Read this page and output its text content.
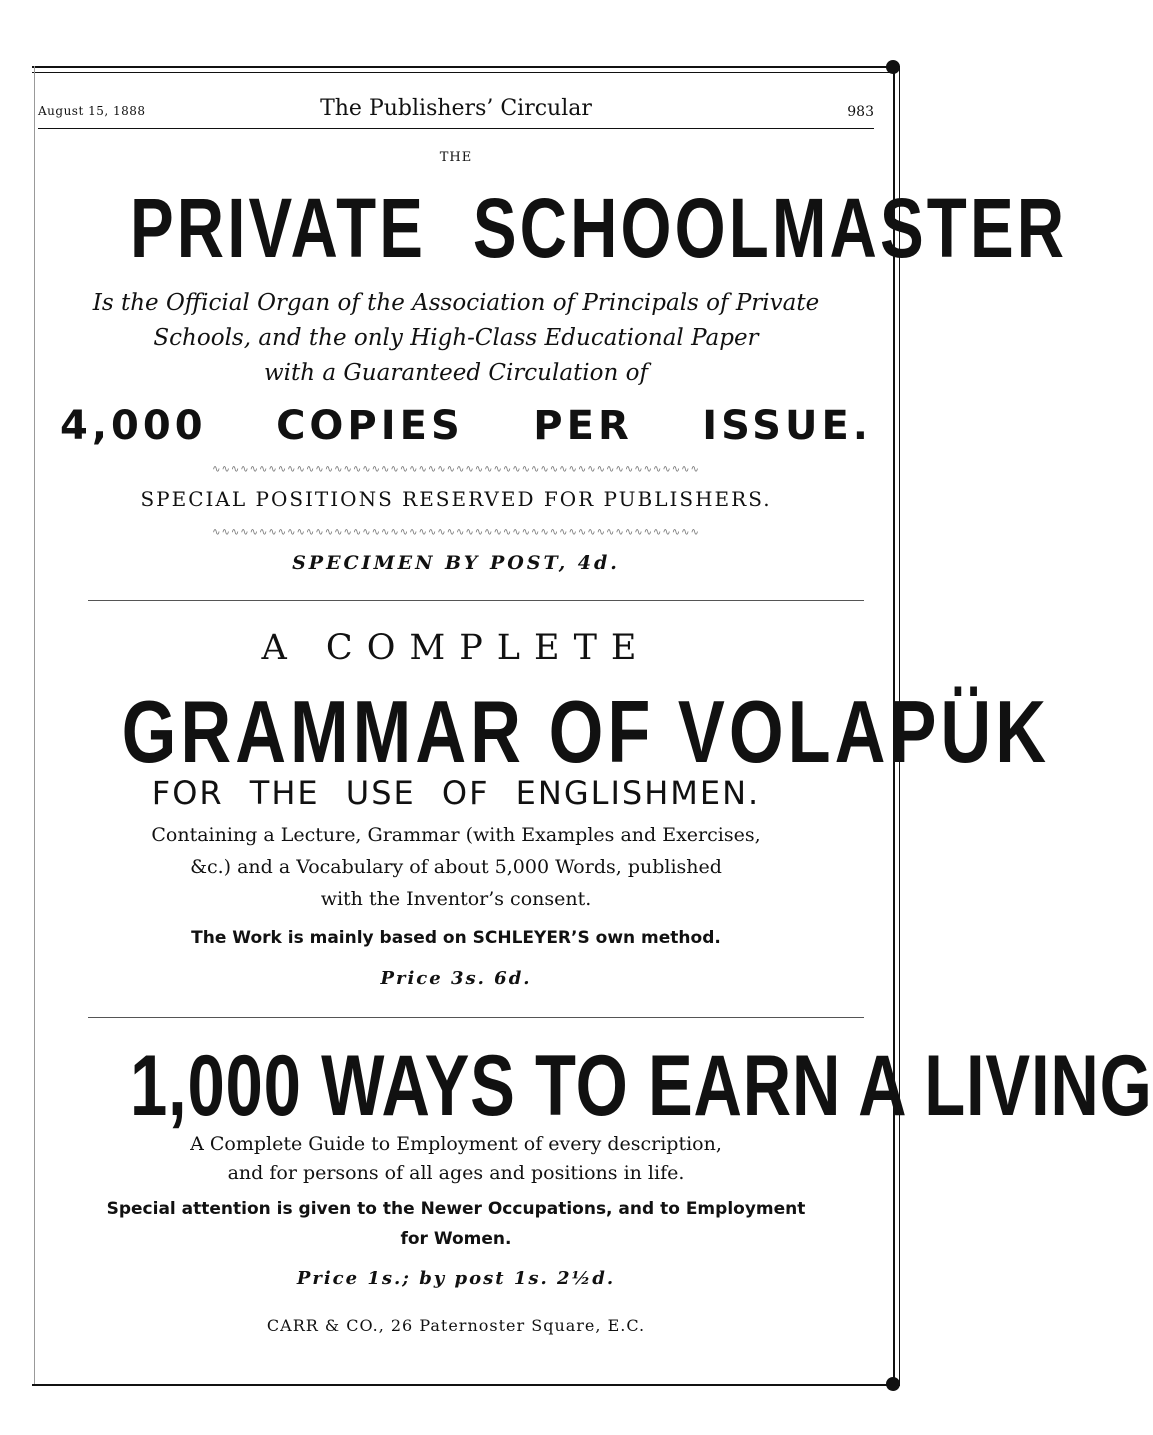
The Publishers’ Circular
August 15, 1888	983
THE
PRIVATE SCHOOLMASTER
Is the Official Organ of the Association of Principals of Private
Schools, and the only High-Class Educational Paper
with a Guaranteed Circulation of
4,000 COPIES PER ISSUE.
∿∿∿∿∿∿∿∿∿∿∿∿∿∿∿∿∿∿∿∿∿∿∿∿∿∿∿∿∿∿∿∿∿∿∿∿∿∿∿∿∿∿∿∿∿∿∿∿∿∿∿∿
SPECIAL POSITIONS RESERVED FOR PUBLISHERS.
∿∿∿∿∿∿∿∿∿∿∿∿∿∿∿∿∿∿∿∿∿∿∿∿∿∿∿∿∿∿∿∿∿∿∿∿∿∿∿∿∿∿∿∿∿∿∿∿∿∿∿∿
SPECIMEN BY POST, 4d.
A COMPLETE
GRAMMAR OF VOLAPÜK
FOR THE USE OF ENGLISHMEN.
Containing a Lecture, Grammar (with Examples and Exercises,
&c.) and a Vocabulary of about 5,000 Words, published
with the Inventor’s consent.
The Work is mainly based on SCHLEYER’S own method.
Price 3s. 6d.
1,000 WAYS TO EARN A LIVING
A Complete Guide to Employment of every description,
and for persons of all ages and positions in life.
Special attention is given to the Newer Occupations, and to Employment
for Women.
Price 1s.; by post 1s. 2½d.
CARR & CO., 26 Paternoster Square, E.C.
